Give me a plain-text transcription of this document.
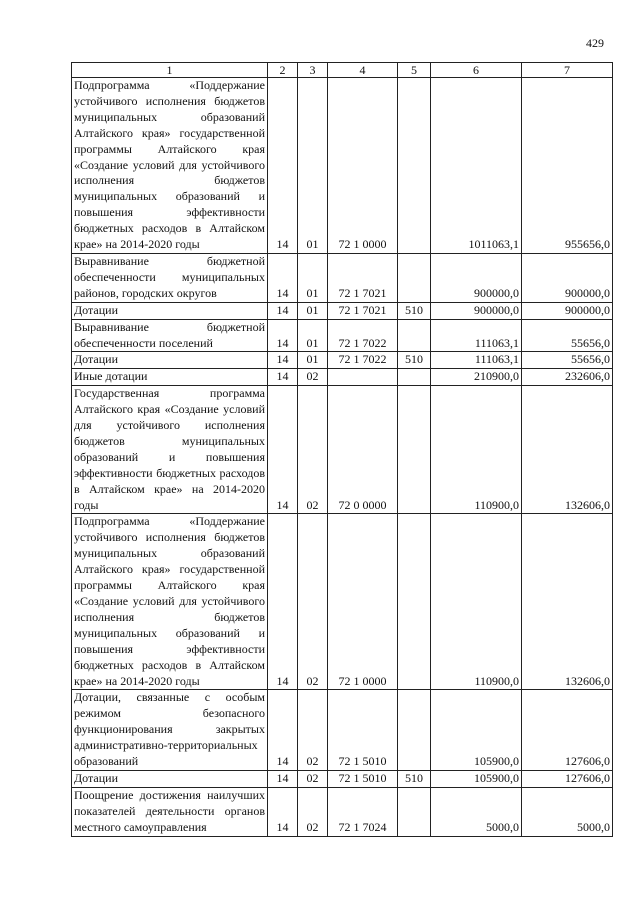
429
1	2	3	4	5	6	7
Подпрограмма «Поддержание устойчивого исполнения бюджетов муниципальных образований Алтайского края» государственной программы Алтайского края «Создание условий для устойчивого исполнения бюджетов муниципальных образований и повышения эффективности бюджетных расходов в Алтайском крае» на 2014-2020 годы	14	01	72 1 0000		1011063,1	955656,0
Выравнивание бюджетной обеспеченности муниципальных районов, городских округов	14	01	72 1 7021		900000,0	900000,0
Дотации	14	01	72 1 7021	510	900000,0	900000,0
Выравнивание бюджетной обеспеченности поселений	14	01	72 1 7022		111063,1	55656,0
Дотации	14	01	72 1 7022	510	111063,1	55656,0
Иные дотации	14	02			210900,0	232606,0
Государственная программа Алтайского края «Создание условий для устойчивого исполнения бюджетов муниципальных образований и повышения эффективности бюджетных расходов в Алтайском крае» на 2014-2020 годы	14	02	72 0 0000		110900,0	132606,0
Подпрограмма «Поддержание устойчивого исполнения бюджетов муниципальных образований Алтайского края» государственной программы Алтайского края «Создание условий для устойчивого исполнения бюджетов муниципальных образований и повышения эффективности бюджетных расходов в Алтайском крае» на 2014-2020 годы	14	02	72 1 0000		110900,0	132606,0
Дотации, связанные с особым режимом безопасного функционирования закрытых административно-территориальных образований	14	02	72 1 5010		105900,0	127606,0
Дотации	14	02	72 1 5010	510	105900,0	127606,0
Поощрение достижения наилучших показателей деятельности органов местного самоуправления	14	02	72 1 7024		5000,0	5000,0
